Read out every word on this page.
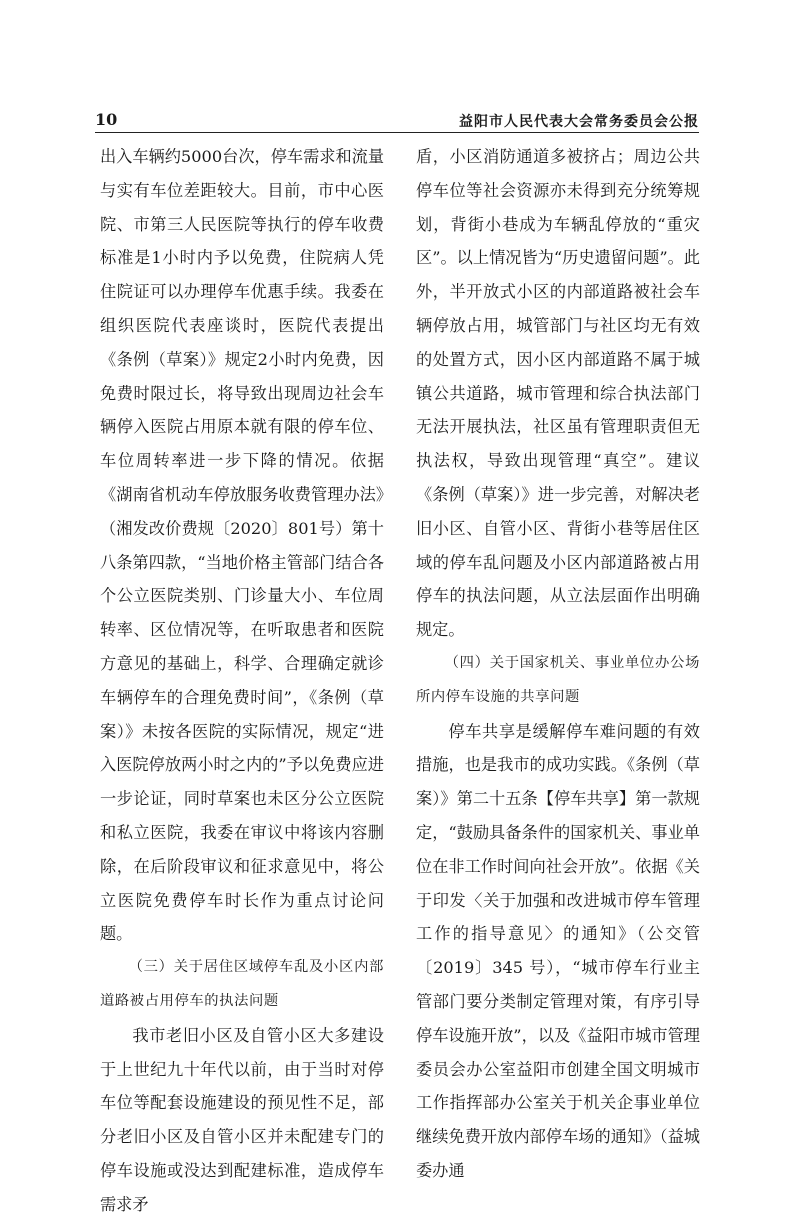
10	益阳市人民代表大会常务委员会公报

出入车辆约5000台次，停车需求和流量与实有车位差距较大。目前，市中心医院、市第三人民医院等执行的停车收费标准是1小时内予以免费，住院病人凭住院证可以办理停车优惠手续。我委在组织医院代表座谈时，医院代表提出《条例（草案）》规定2小时内免费，因免费时限过长，将导致出现周边社会车辆停入医院占用原本就有限的停车位、车位周转率进一步下降的情况。依据《湖南省机动车停放服务收费管理办法》（湘发改价费规〔2020〕801号）第十八条第四款，“当地价格主管部门结合各个公立医院类别、门诊量大小、车位周转率、区位情况等，在听取患者和医院方意见的基础上，科学、合理确定就诊车辆停车的合理免费时间”，《条例（草案）》未按各医院的实际情况，规定“进入医院停放两小时之内的”予以免费应进一步论证，同时草案也未区分公立医院和私立医院，我委在审议中将该内容删除，在后阶段审议和征求意见中，将公立医院免费停车时长作为重点讨论问题。

（三）关于居住区域停车乱及小区内部道路被占用停车的执法问题

我市老旧小区及自管小区大多建设于上世纪九十年代以前，由于当时对停车位等配套设施建设的预见性不足，部分老旧小区及自管小区并未配建专门的停车设施或没达到配建标准，造成停车需求矛

盾，小区消防通道多被挤占；周边公共停车位等社会资源亦未得到充分统筹规划，背街小巷成为车辆乱停放的“重灾区”。以上情况皆为“历史遗留问题”。此外，半开放式小区的内部道路被社会车辆停放占用，城管部门与社区均无有效的处置方式，因小区内部道路不属于城镇公共道路，城市管理和综合执法部门无法开展执法，社区虽有管理职责但无执法权，导致出现管理“真空”。建议《条例（草案）》进一步完善，对解决老旧小区、自管小区、背街小巷等居住区域的停车乱问题及小区内部道路被占用停车的执法问题，从立法层面作出明确规定。

（四）关于国家机关、事业单位办公场所内停车设施的共享问题

停车共享是缓解停车难问题的有效措施，也是我市的成功实践。《条例（草案）》第二十五条【停车共享】第一款规定，“鼓励具备条件的国家机关、事业单位在非工作时间向社会开放”。依据《关于印发〈关于加强和改进城市停车管理工作的指导意见〉的通知》（公交管〔2019〕345 号），“城市停车行业主管部门要分类制定管理对策，有序引导停车设施开放”，以及《益阳市城市管理委员会办公室益阳市创建全国文明城市工作指挥部办公室关于机关企事业单位继续免费开放内部停车场的通知》（益城委办通
